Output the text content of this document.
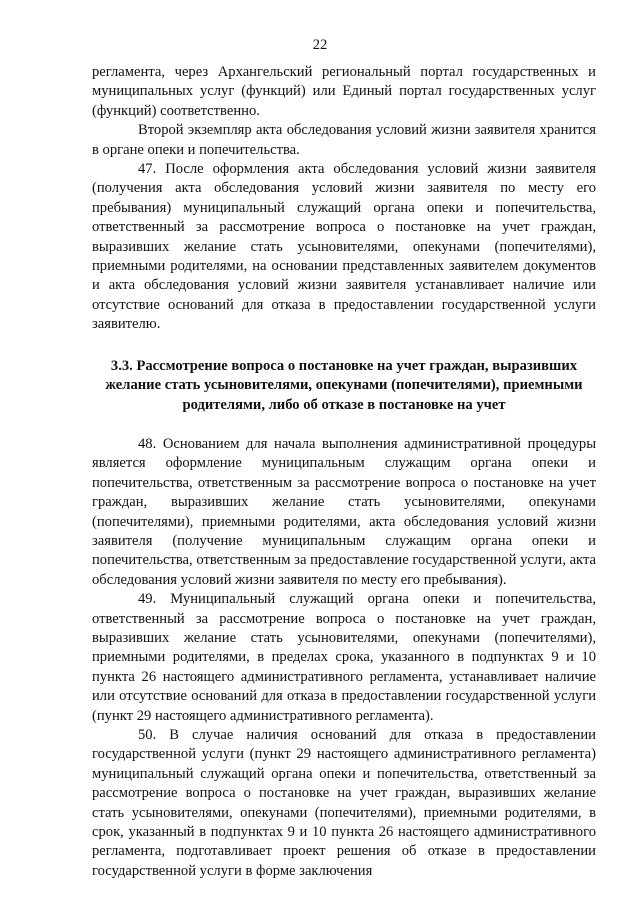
22

регламента, через Архангельский региональный портал государственных и муниципальных услуг (функций) или Единый портал государственных услуг (функций) соответственно.

Второй экземпляр акта обследования условий жизни заявителя хранится в органе опеки и попечительства.

47. После оформления акта обследования условий жизни заявителя (получения акта обследования условий жизни заявителя по месту его пребывания) муниципальный служащий органа опеки и попечительства, ответственный за рассмотрение вопроса о постановке на учет граждан, выразивших желание стать усыновителями, опекунами (попечителями), приемными родителями, на основании представленных заявителем документов и акта обследования условий жизни заявителя устанавливает наличие или отсутствие оснований для отказа в предоставлении государственной услуги заявителю.

3.3. Рассмотрение вопроса о постановке на учет граждан, выразивших желание стать усыновителями, опекунами (попечителями), приемными родителями, либо об отказе в постановке на учет

48. Основанием для начала выполнения административной процедуры является оформление муниципальным служащим органа опеки и попечительства, ответственным за рассмотрение вопроса о постановке на учет граждан, выразивших желание стать усыновителями, опекунами (попечителями), приемными родителями, акта обследования условий жизни заявителя (получение муниципальным служащим органа опеки и попечительства, ответственным за предоставление государственной услуги, акта обследования условий жизни заявителя по месту его пребывания).

49. Муниципальный служащий органа опеки и попечительства, ответственный за рассмотрение вопроса о постановке на учет граждан, выразивших желание стать усыновителями, опекунами (попечителями), приемными родителями, в пределах срока, указанного в подпунктах 9 и 10 пункта 26 настоящего административного регламента, устанавливает наличие или отсутствие оснований для отказа в предоставлении государственной услуги (пункт 29 настоящего административного регламента).

50. В случае наличия оснований для отказа в предоставлении государственной услуги (пункт 29 настоящего административного регламента) муниципальный служащий органа опеки и попечительства, ответственный за рассмотрение вопроса о постановке на учет граждан, выразивших желание стать усыновителями, опекунами (попечителями), приемными родителями, в срок, указанный в подпунктах 9 и 10 пункта 26 настоящего административного регламента, подготавливает проект решения об отказе в предоставлении государственной услуги в форме заключения
